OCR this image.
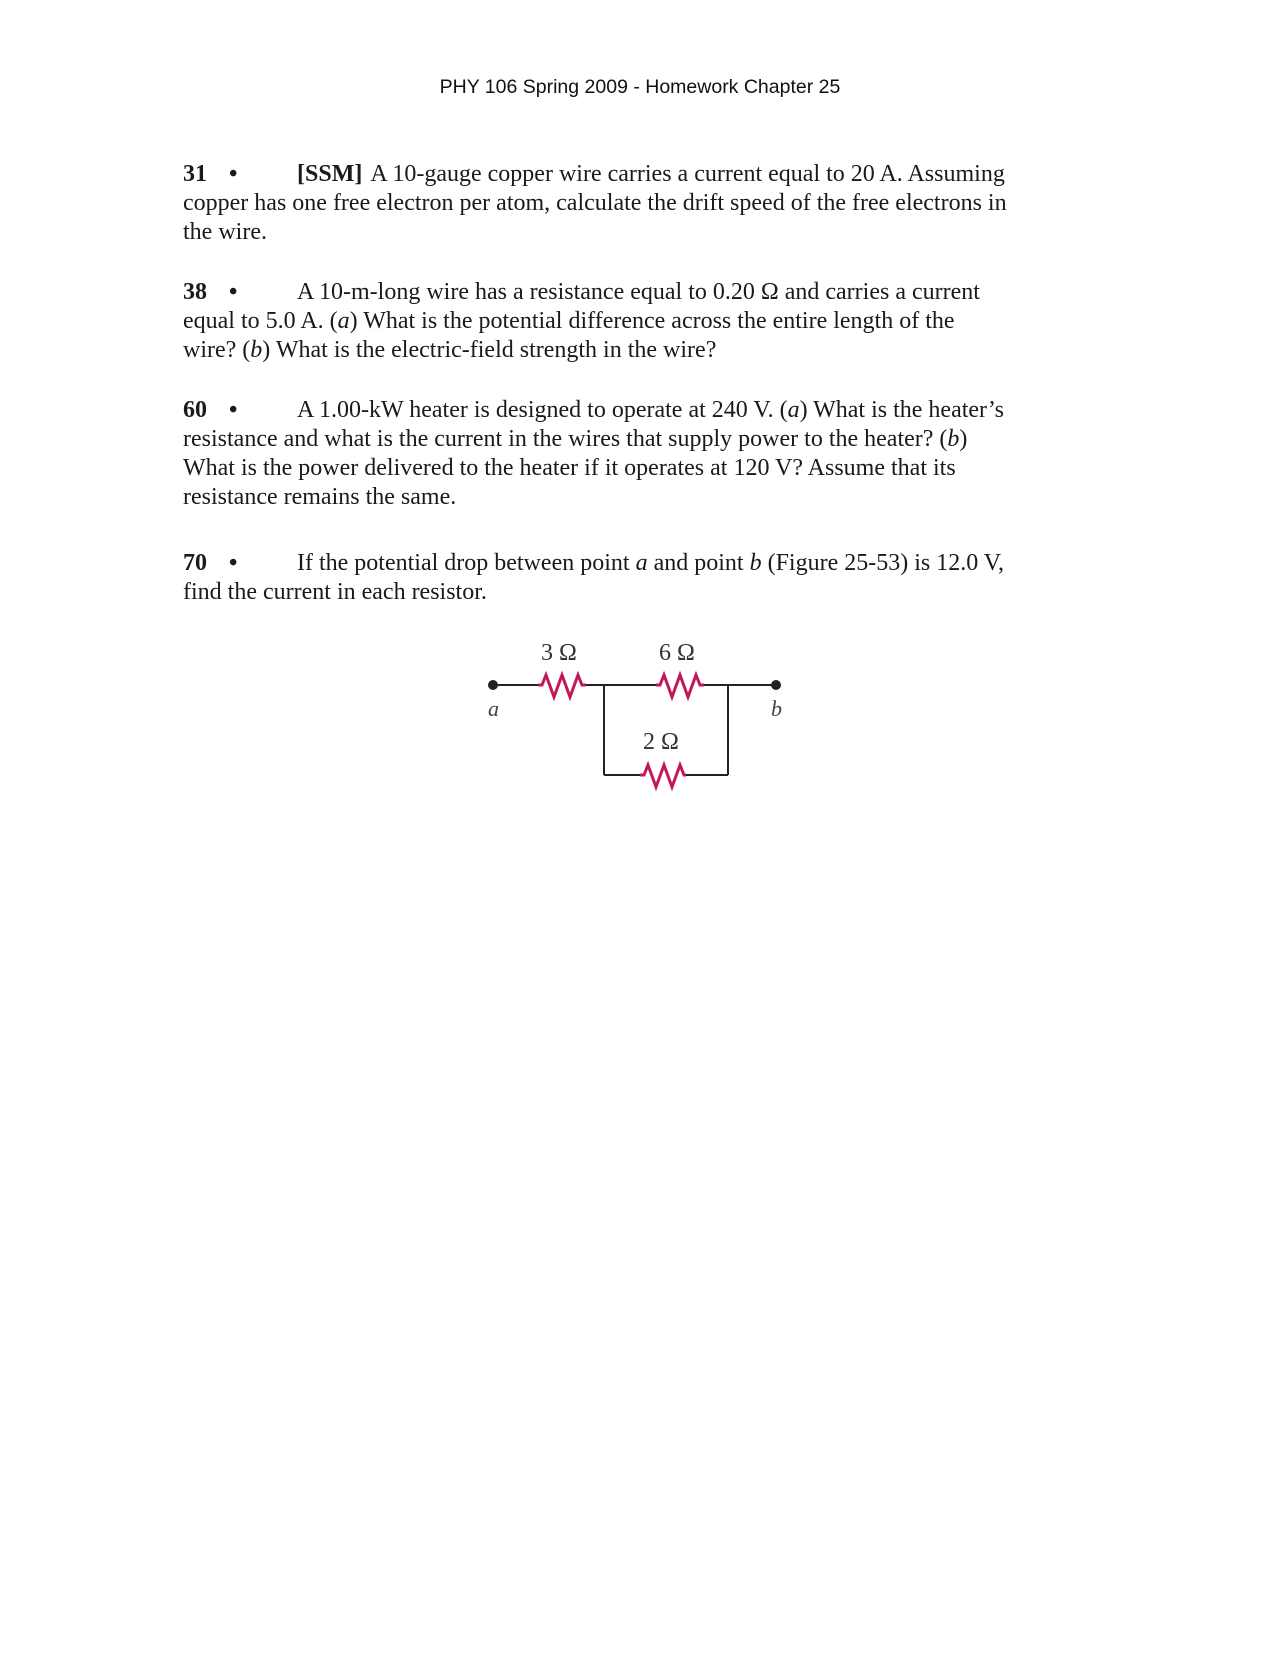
PHY 106 Spring 2009 - Homework Chapter 25
31 • [SSM] A 10-gauge copper wire carries a current equal to 20 A. Assuming copper has one free electron per atom, calculate the drift speed of the free electrons in the wire.
38 • A 10-m-long wire has a resistance equal to 0.20 Ω and carries a current equal to 5.0 A. (a) What is the potential difference across the entire length of the wire? (b) What is the electric-field strength in the wire?
60 • A 1.00-kW heater is designed to operate at 240 V. (a) What is the heater’s resistance and what is the current in the wires that supply power to the heater? (b) What is the power delivered to the heater if it operates at 120 V? Assume that its resistance remains the same.
70 • If the potential drop between point a and point b (Figure 25-53) is 12.0 V, find the current in each resistor.
3 Ω	6 Ω
2 Ω
a	b
